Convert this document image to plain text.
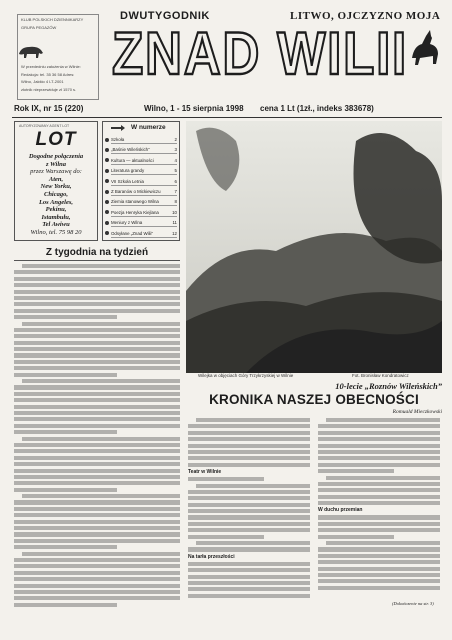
KLUB POLSKICH DZIENNIKARZY
GRUPA PEGAZÓW
W przededniu założenia w Wilnie:
Redakcja: tel. 35 36 58 Adres:
Wilno, Jakšto 4 LT-2001
złotnik nieprzewiduje zł 1570 s.
DWUTYGODNIK	LITWO, OJCZYZNO MOJA
ZNAD WILII
Rok IX, nr 15 (220)	Wilno, 1 - 15 sierpnia 1998 cena 1 Lt (1zł., indeks 383678)
AUTORYZOWANY AGENT LOT
LOT
Dogodne połączenia
z Wilna
przez Warszawę do:
Aten,
New Yorku,
Chicago,
Los Angeles,
Pekinu,
Istambułu,
Tel Awiwu
Wilno, tel. 75 98 20
W numerze
Szkoła	2
„Baśnie Wileńskich”	3
Kultura — aktualności	4
Literatura grandy	5
VII Szkoła Letnia	6
Z Baranów o Mickiewiczu	7
Ziemia stanowego Wilna	8
Poezja Henryka Kiejlana	10
Meniury z Wilna	11
Odsyłane „Znad Wilii”	12
Z tygodnia na tydzień
Wilejka w objęciach Góry Trzykrzyskiej w Wilnie	Fot. Bronisław Kondratowicz
10-lecie „Roznów Wileńskich”
KRONIKA NASZEJ OBECNOŚCI
Romuald Mieczkowski
Teatr w Wilnie
Na tarła przeszłości
W duchu przemian
(Dokończenie na str. 3)
